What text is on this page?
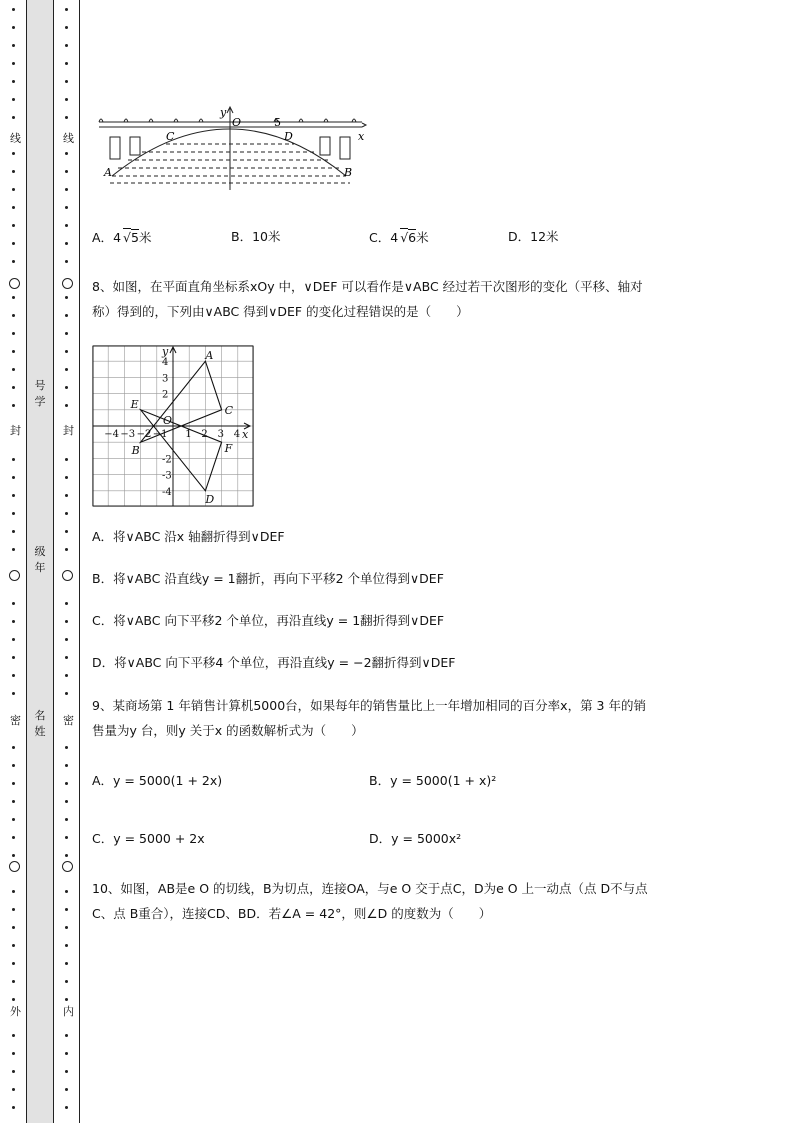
线
封
密
外
线
封
密
内
号学
级年
名姓
y
O	5
C	D	x
A	B
A．4 √5米	B．10米	C．4 √6米	D．12米
8、如图，在平面直角坐标系xOy 中，∨DEF 可以看作是∨ABC 经过若干次图形的变化（平移、轴对
称）得到的，下列由∨ABC 得到∨DEF 的变化过程错误的是（　　）
y
x
O
4
3
2
-2
-3
-4
−4 −3 −2 −1 1 2 3 4
A
B
C
D
E
F
A．将∨ABC 沿x 轴翻折得到∨DEF
B．将∨ABC 沿直线y = 1翻折，再向下平移2 个单位得到∨DEF
C．将∨ABC 向下平移2 个单位，再沿直线y = 1翻折得到∨DEF
D．将∨ABC 向下平移4 个单位，再沿直线y = −2翻折得到∨DEF
9、某商场第 1 年销售计算机5000台，如果每年的销售量比上一年增加相同的百分率x，第 3 年的销
售量为y 台，则y 关于x 的函数解析式为（　　）
A．y = 5000(1 + 2x)	B．y = 5000(1 + x)²
C．y = 5000 + 2x	D．y = 5000x²
10、如图，AB是e O 的切线，B为切点，连接OA，与e O 交于点C，D为e O 上一动点（点 D不与点
C、点 B重合），连接CD、BD．若∠A = 42°，则∠D 的度数为（　　）
